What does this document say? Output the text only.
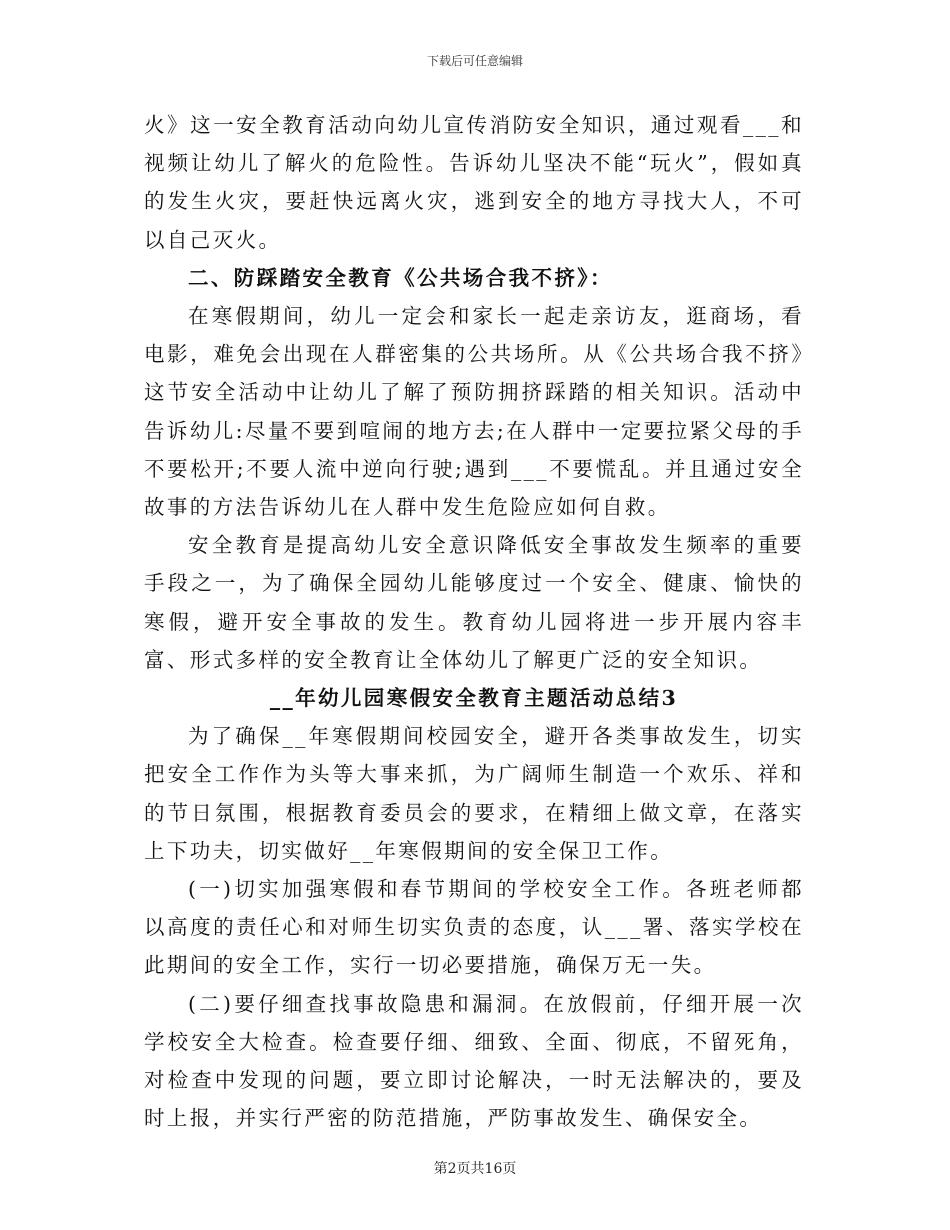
下载后可任意编辑

火》这一安全教育活动向幼儿宣传消防安全知识，通过观看___和视频让幼儿了解火的危险性。告诉幼儿坚决不能“玩火”，假如真的发生火灾，要赶快远离火灾，逃到安全的地方寻找大人，不可以自己灭火。

二、防踩踏安全教育《公共场合我不挤》：

在寒假期间，幼儿一定会和家长一起走亲访友，逛商场，看电影，难免会出现在人群密集的公共场所。从《公共场合我不挤》这节安全活动中让幼儿了解了预防拥挤踩踏的相关知识。活动中告诉幼儿:尽量不要到喧闹的地方去;在人群中一定要拉紧父母的手不要松开;不要人流中逆向行驶;遇到___不要慌乱。并且通过安全故事的方法告诉幼儿在人群中发生危险应如何自救。

安全教育是提高幼儿安全意识降低安全事故发生频率的重要手段之一，为了确保全园幼儿能够度过一个安全、健康、愉快的寒假，避开安全事故的发生。教育幼儿园将进一步开展内容丰富、形式多样的安全教育让全体幼儿了解更广泛的安全知识。

__年幼儿园寒假安全教育主题活动总结3

为了确保__年寒假期间校园安全，避开各类事故发生，切实把安全工作作为头等大事来抓，为广阔师生制造一个欢乐、祥和的节日氛围，根据教育委员会的要求，在精细上做文章，在落实上下功夫，切实做好__年寒假期间的安全保卫工作。

(一)切实加强寒假和春节期间的学校安全工作。各班老师都以高度的责任心和对师生切实负责的态度，认___署、落实学校在此期间的安全工作，实行一切必要措施，确保万无一失。

(二)要仔细查找事故隐患和漏洞。在放假前，仔细开展一次学校安全大检查。检查要仔细、细致、全面、彻底，不留死角，对检查中发现的问题，要立即讨论解决，一时无法解决的，要及时上报，并实行严密的防范措施，严防事故发生、确保安全。

第2页共16页
